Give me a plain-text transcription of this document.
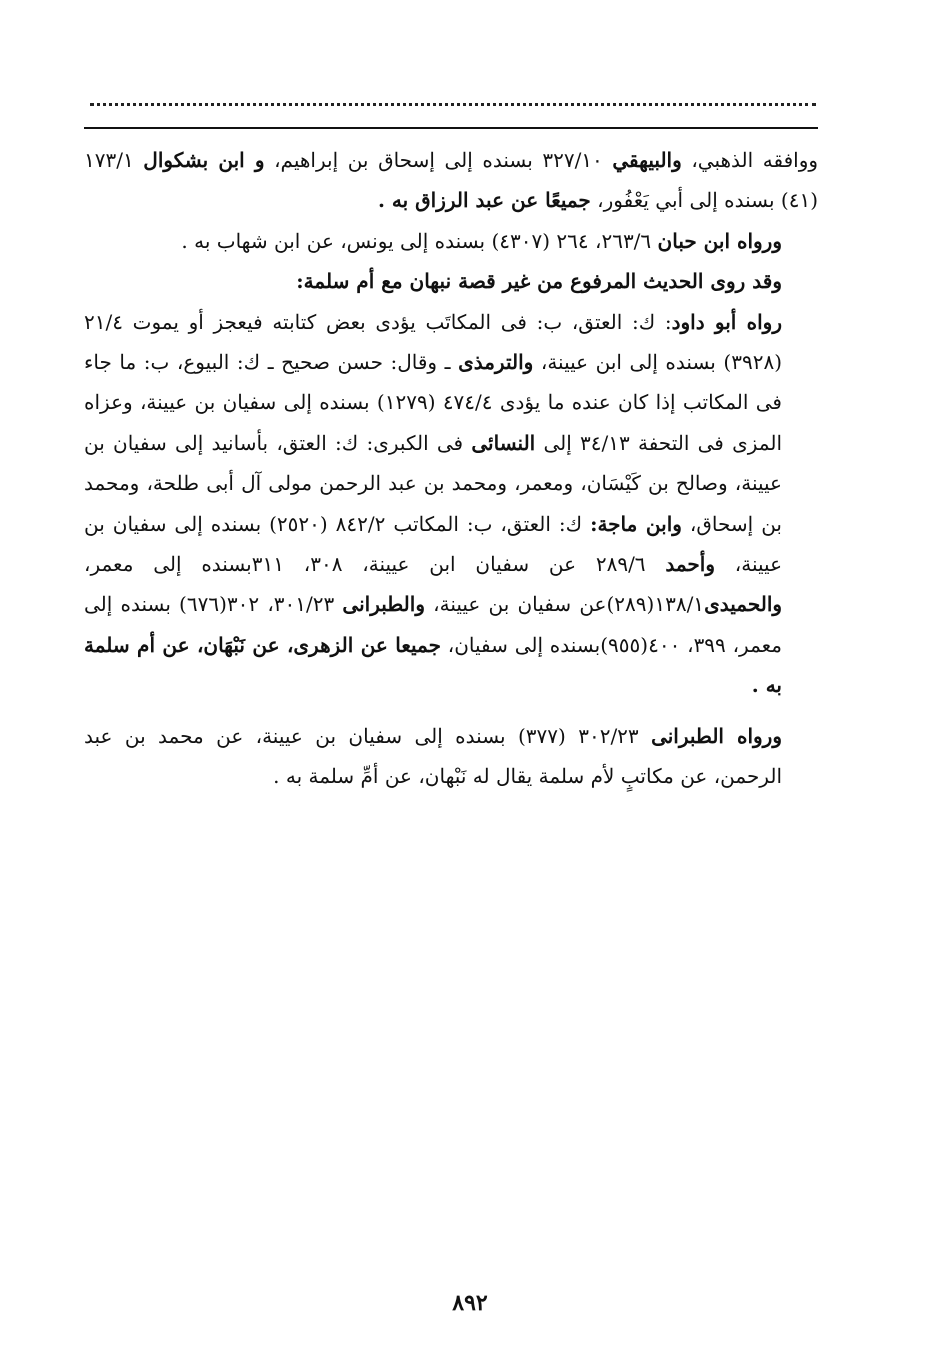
ووافقه الذهبي، والبيهقي ٣٢٧/١٠ بسنده إلى إسحاق بن إبراهيم، و ابن بشكوال ١٧٣/١ (٤١) بسنده إلى أبي يَعْفُور، جميعًا عن عبد الرزاق به .

ورواه ابن حبان ٢٦٣/٦، ٢٦٤ (٤٣٠٧) بسنده إلى يونس، عن ابن شهاب به .

وقد روى الحديث المرفوع من غير قصة نبهان مع أم سلمة:

رواه أبو داود: ك: العتق، ب: فى المكاتَب يؤدى بعض كتابته فيعجز أو يموت ٢١/٤ (٣٩٢٨) بسنده إلى ابن عيينة، والترمذى ـ وقال: حسن صحيح ـ ك: البيوع، ب: ما جاء فى المكاتب إذا كان عنده ما يؤدى ٤٧٤/٤ (١٢٧٩) بسنده إلى سفيان بن عيينة، وعزاه المزى فى التحفة ٣٤/١٣ إلى النسائى فى الكبرى: ك: العتق، بأسانيد إلى سفيان بن عيينة، وصالح بن كَيْسَان، ومعمر، ومحمد بن عبد الرحمن مولى آل أبى طلحة، ومحمد بن إسحاق، وابن ماجة: ك: العتق، ب: المكاتب ٨٤٢/٢ (٢٥٢٠) بسنده إلى سفيان بن عيينة، وأحمد ٢٨٩/٦ عن سفيان ابن عيينة، ٣٠٨، ٣١١بسنده إلى معمر، والحميدى١٣٨/١(٢٨٩)عن سفيان بن عيينة، والطبرانى ٣٠١/٢٣، ٣٠٢(٦٧٦) بسنده إلى معمر، ٣٩٩، ٤٠٠(٩٥٥)بسنده إلى سفيان، جميعا عن الزهرى، عن نَبْهَان، عن أم سلمة به .

ورواه الطبرانى ٣٠٢/٢٣ (٣٧٧) بسنده إلى سفيان بن عيينة، عن محمد بن عبد الرحمن، عن مكاتبٍ لأم سلمة يقال له نَبْهان، عن أمِّ سلمة به .

٨٩٢
